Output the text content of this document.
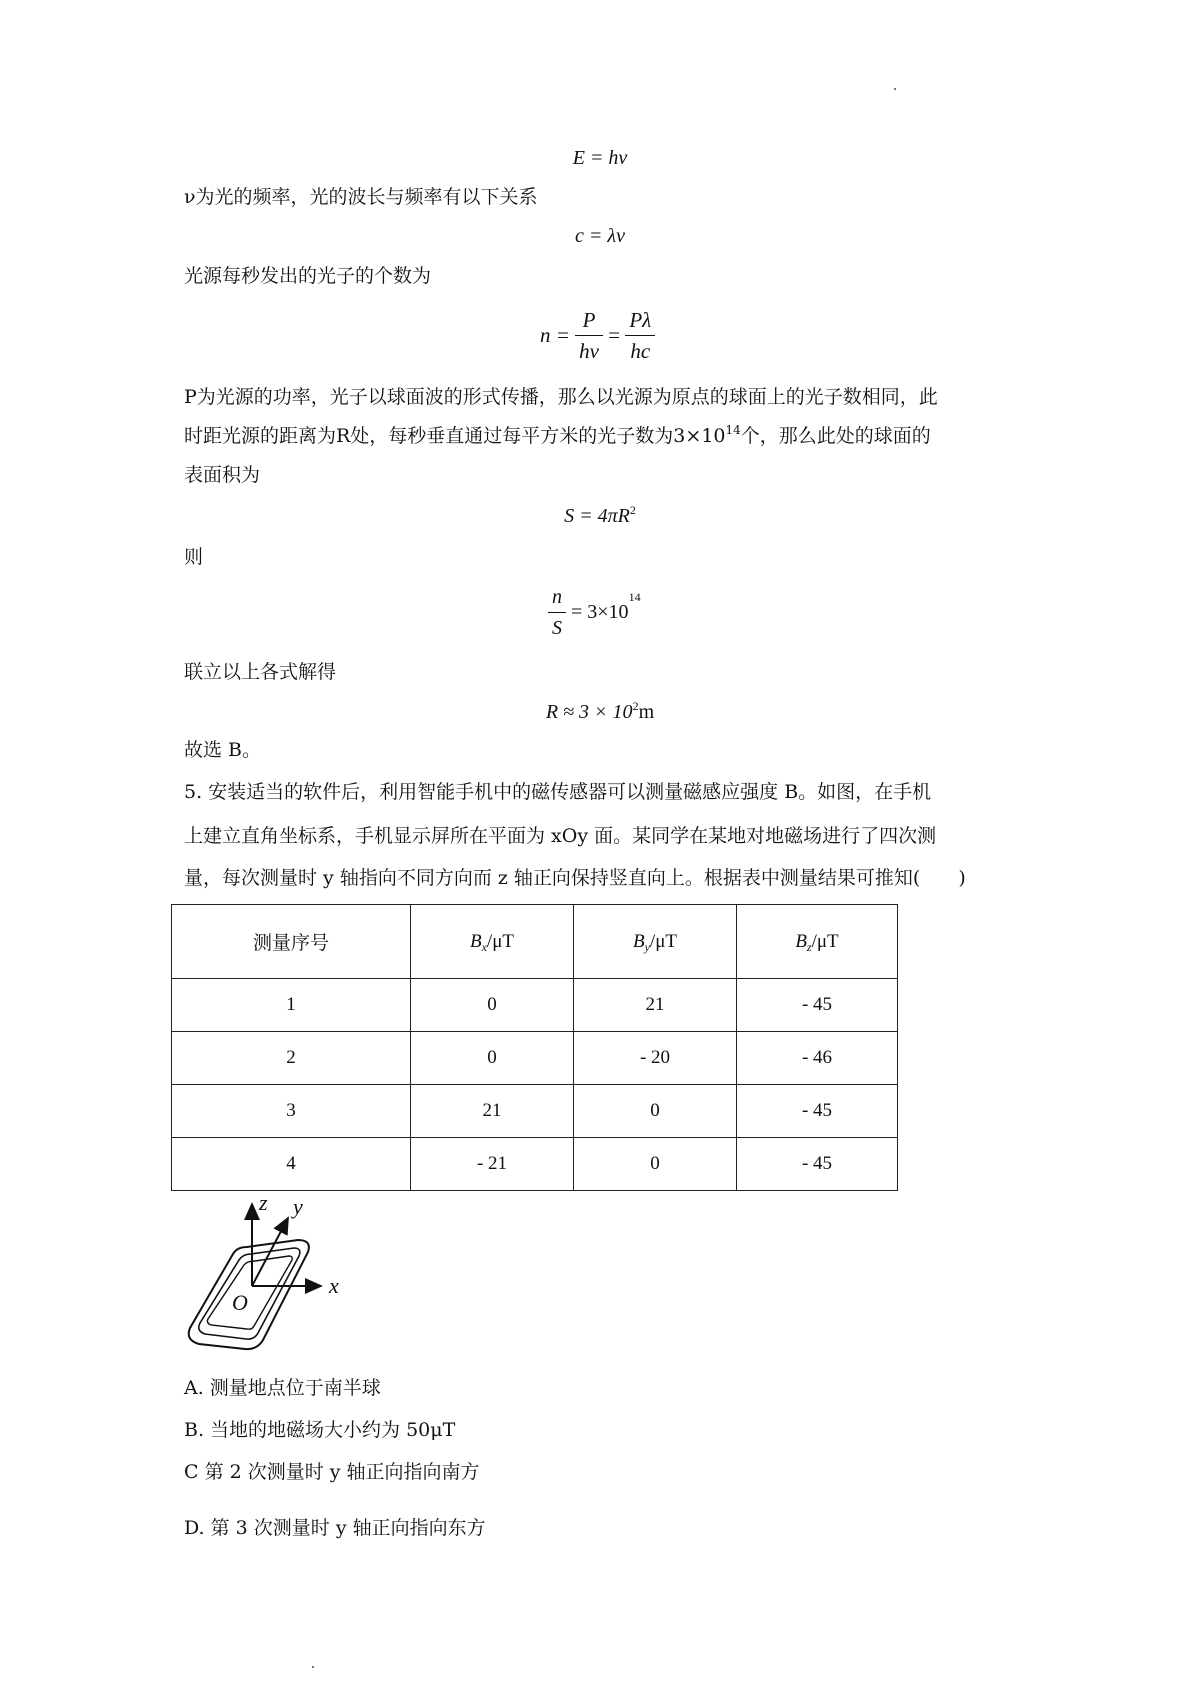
E = hν
ν为光的频率，光的波长与频率有以下关系
c = λν
光源每秒发出的光子的个数为
$n = \frac{P}{h\nu} = \frac{P\lambda}{hc}$
P为光源的功率，光子以球面波的形式传播，那么以光源为原点的球面上的光子数相同，此
时距光源的距离为R处，每秒垂直通过每平方米的光子数为$3\times 10^{14}$个，那么此处的球面的
表面积为
$S = 4\pi R^2$
则
$\frac{n}{S} = 3\times 10^{14}$
联立以上各式解得
$R \approx 3 \times 10^2m$
故选 B。
5. 安装适当的软件后，利用智能手机中的磁传感器可以测量磁感应强度 B。如图，在手机
上建立直角坐标系，手机显示屏所在平面为 xOy 面。某同学在某地对地磁场进行了四次测
量，每次测量时 y 轴指向不同方向而 z 轴正向保持竖直向上。根据表中测量结果可推知(　　)
测量序号	$B_x/\mu T$	$B_y/\mu T$	$B_z/\mu T$
1	0	21	- 45
2	0	- 20	- 46
3	21	0	- 45
4	- 21	0	- 45
z y
x
O
A. 测量地点位于南半球
B. 当地的地磁场大小约为 50μT
C 第 2 次测量时 y 轴正向指向南方
D. 第 3 次测量时 y 轴正向指向东方
